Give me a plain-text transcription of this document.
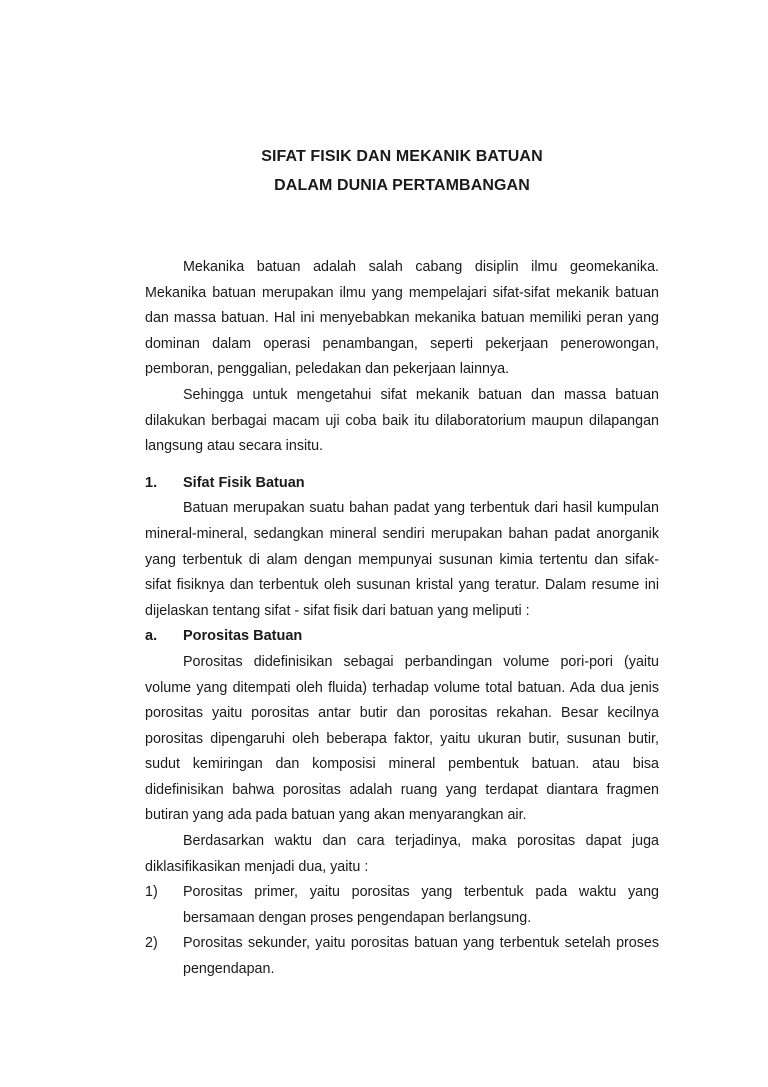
SIFAT FISIK DAN MEKANIK BATUAN
DALAM DUNIA PERTAMBANGAN

Mekanika batuan adalah salah cabang disiplin ilmu geomekanika. Mekanika batuan merupakan ilmu yang mempelajari sifat-sifat mekanik batuan dan massa batuan. Hal ini menyebabkan mekanika batuan memiliki peran yang dominan dalam operasi penambangan, seperti pekerjaan penerowongan, pemboran, penggalian, peledakan dan pekerjaan lainnya.

Sehingga untuk mengetahui sifat mekanik batuan dan massa batuan dilakukan berbagai macam uji coba baik itu dilaboratorium maupun dilapangan langsung atau secara insitu.

1.	Sifat Fisik Batuan

Batuan merupakan suatu bahan padat yang terbentuk dari hasil kumpulan mineral-mineral, sedangkan mineral sendiri merupakan bahan padat anorganik yang terbentuk di alam dengan mempunyai susunan kimia tertentu dan sifak-sifat fisiknya dan terbentuk oleh susunan kristal yang teratur. Dalam resume ini dijelaskan tentang sifat - sifat fisik dari batuan yang meliputi :

a.	Porositas Batuan

Porositas didefinisikan sebagai perbandingan volume pori-pori (yaitu volume yang ditempati oleh fluida) terhadap volume total batuan. Ada dua jenis porositas yaitu porositas antar butir dan porositas rekahan. Besar kecilnya porositas dipengaruhi oleh beberapa faktor, yaitu ukuran butir, susunan butir, sudut kemiringan dan komposisi mineral pembentuk batuan. atau bisa didefinisikan bahwa porositas adalah ruang yang terdapat diantara fragmen butiran yang ada pada batuan yang akan menyarangkan air.

Berdasarkan waktu dan cara terjadinya, maka porositas dapat juga diklasifikasikan menjadi dua, yaitu :

1)	Porositas primer, yaitu porositas yang terbentuk pada waktu yang bersamaan dengan proses pengendapan berlangsung.
2)	Porositas sekunder, yaitu porositas batuan yang terbentuk setelah proses pengendapan.
